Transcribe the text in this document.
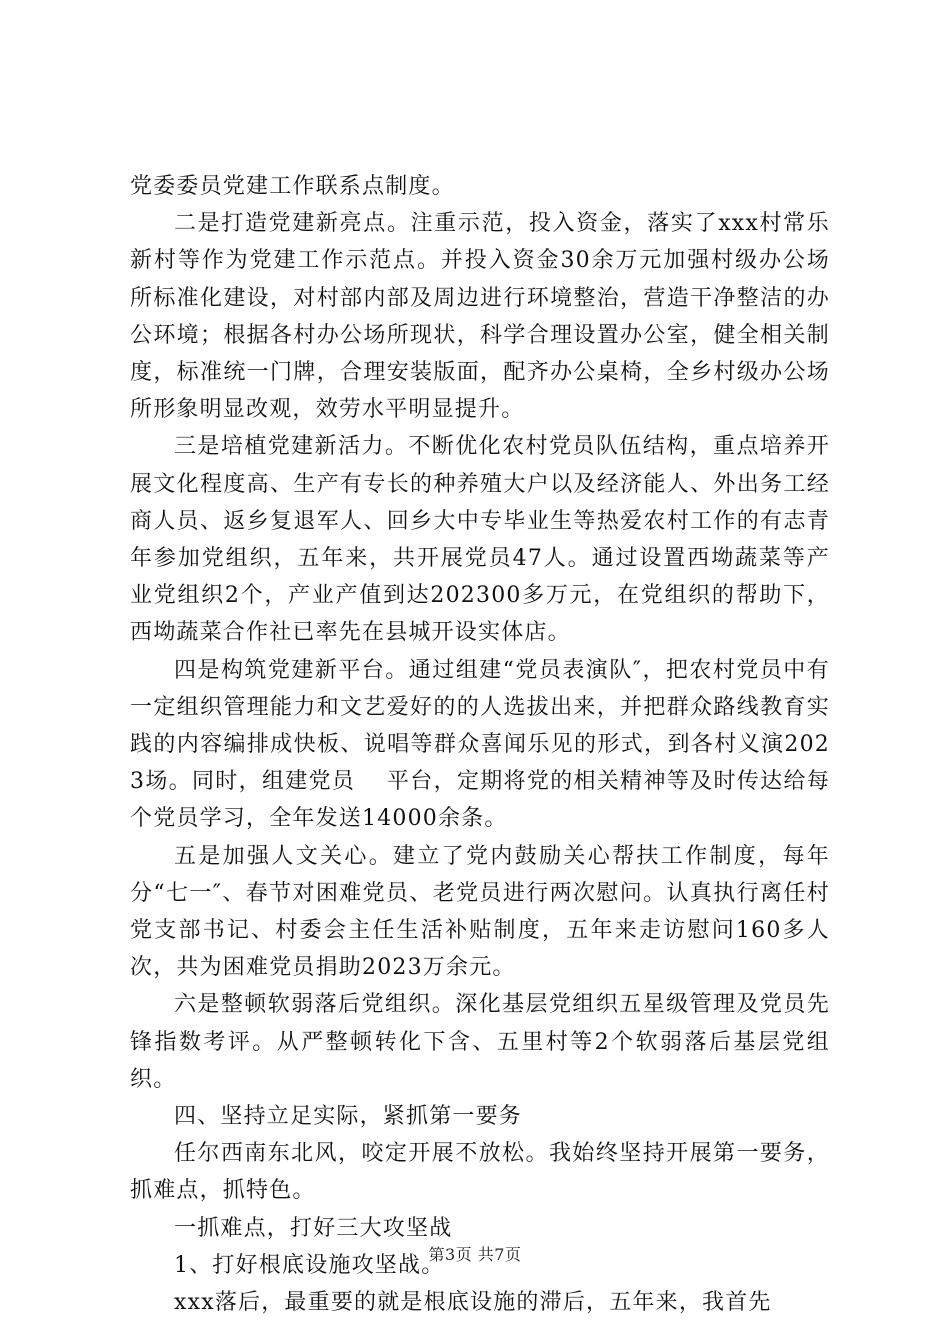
党委委员党建工作联系点制度。

二是打造党建新亮点。注重示范，投入资金，落实了xxx村常乐新村等作为党建工作示范点。并投入资金30余万元加强村级办公场所标准化建设，对村部内部及周边进行环境整治，营造干净整洁的办公环境；根据各村办公场所现状，科学合理设置办公室，健全相关制度，标准统一门牌，合理安装版面，配齐办公桌椅，全乡村级办公场所形象明显改观，效劳水平明显提升。

三是培植党建新活力。不断优化农村党员队伍结构，重点培养开展文化程度高、生产有专长的种养殖大户以及经济能人、外出务工经商人员、返乡复退军人、回乡大中专毕业生等热爱农村工作的有志青年参加党组织，五年来，共开展党员47人。通过设置西坳蔬菜等产业党组织2个，产业产值到达202300多万元，在党组织的帮助下，西坳蔬菜合作社已率先在县城开设实体店。

四是构筑党建新平台。通过组建“党员表演队″，把农村党员中有一定组织管理能力和文艺爱好的的人选拔出来，并把群众路线教育实践的内容编排成快板、说唱等群众喜闻乐见的形式，到各村义演2023场。同时，组建党员　 平台，定期将党的相关精神等及时传达给每个党员学习，全年发送14000余条。

五是加强人文关心。建立了党内鼓励关心帮扶工作制度，每年分“七一″、春节对困难党员、老党员进行两次慰问。认真执行离任村党支部书记、村委会主任生活补贴制度，五年来走访慰问160多人次，共为困难党员捐助2023万余元。

六是整顿软弱落后党组织。深化基层党组织五星级管理及党员先锋指数考评。从严整顿转化下含、五里村等2个软弱落后基层党组织。

四、坚持立足实际，紧抓第一要务

任尔西南东北风，咬定开展不放松。我始终坚持开展第一要务，抓难点，抓特色。

一抓难点，打好三大攻坚战

1、打好根底设施攻坚战。

xxx落后，最重要的就是根底设施的滞后，五年来，我首先

第3页 共7页
